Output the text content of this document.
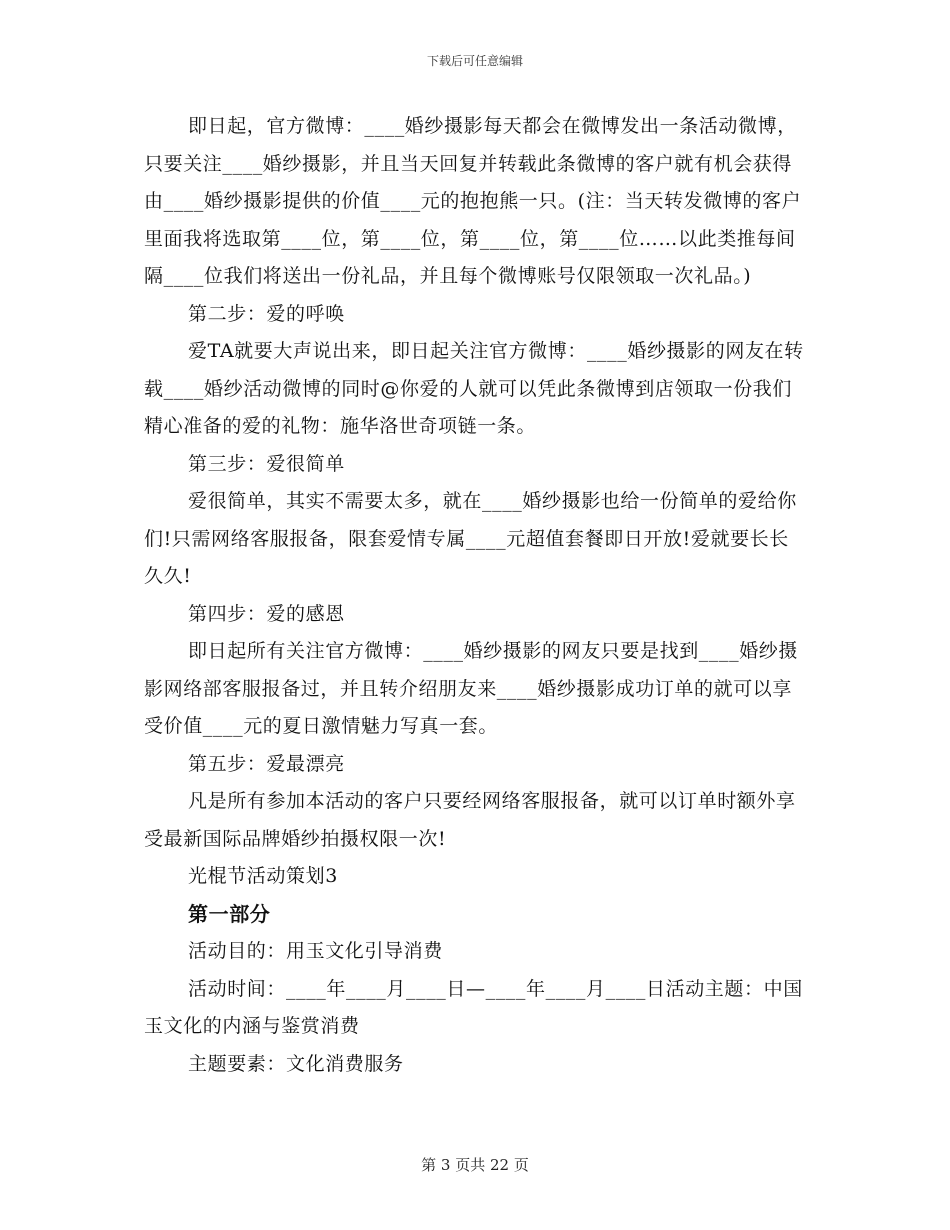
下载后可任意编辑

即日起，官方微博：____婚纱摄影每天都会在微博发出一条活动微博，只要关注____婚纱摄影，并且当天回复并转载此条微博的客户就有机会获得由____婚纱摄影提供的价值____元的抱抱熊一只。(注：当天转发微博的客户里面我将选取第____位，第____位，第____位，第____位……以此类推每间隔____位我们将送出一份礼品，并且每个微博账号仅限领取一次礼品。)

第二步：爱的呼唤

爱TA就要大声说出来，即日起关注官方微博：____婚纱摄影的网友在转载____婚纱活动微博的同时@你爱的人就可以凭此条微博到店领取一份我们精心准备的爱的礼物：施华洛世奇项链一条。

第三步：爱很简单

爱很简单，其实不需要太多，就在____婚纱摄影也给一份简单的爱给你们!只需网络客服报备，限套爱情专属____元超值套餐即日开放!爱就要长长久久!

第四步：爱的感恩

即日起所有关注官方微博：____婚纱摄影的网友只要是找到____婚纱摄影网络部客服报备过，并且转介绍朋友来____婚纱摄影成功订单的就可以享受价值____元的夏日激情魅力写真一套。

第五步：爱最漂亮

凡是所有参加本活动的客户只要经网络客服报备，就可以订单时额外享受最新国际品牌婚纱拍摄权限一次!

光棍节活动策划3

第一部分

活动目的：用玉文化引导消费

活动时间：____年____月____日—____年____月____日活动主题：中国玉文化的内涵与鉴赏消费

主题要素：文化消费服务

第 3 页共 22 页
